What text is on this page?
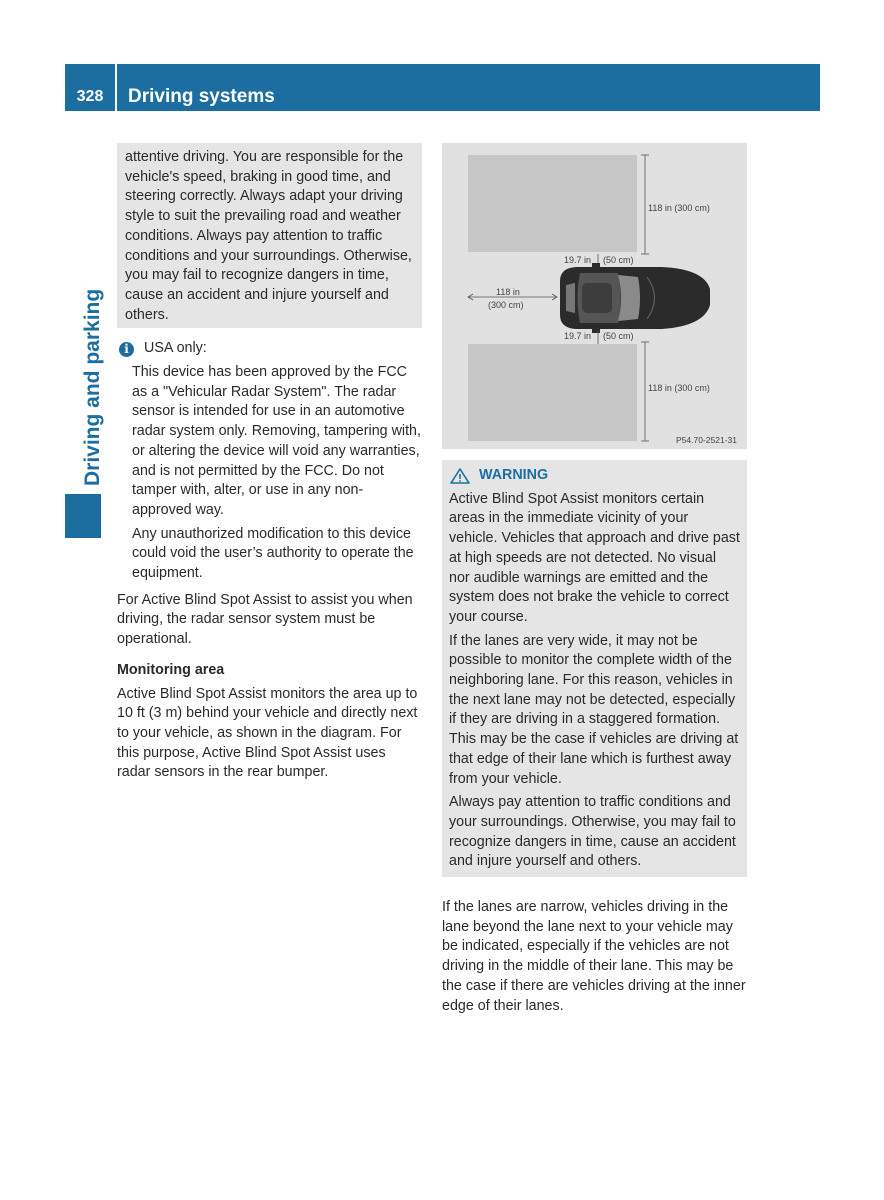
328	Driving systems
Driving and parking

attentive driving. You are responsible for the vehicle's speed, braking in good time, and steering correctly. Always adapt your driving style to suit the prevailing road and weather conditions. Always pay attention to traffic conditions and your surroundings. Otherwise, you may fail to recognize dangers in time, cause an accident and injure yourself and others.

i	USA only:

This device has been approved by the FCC as a "Vehicular Radar System". The radar sensor is intended for use in an automotive radar system only. Removing, tampering with, or altering the device will void any warranties, and is not permitted by the FCC. Do not tamper with, alter, or use in any non-approved way.

Any unauthorized modification to this device could void the user’s authority to operate the equipment.

For Active Blind Spot Assist to assist you when driving, the radar sensor system must be operational.

Monitoring area

Active Blind Spot Assist monitors the area up to 10 ft (3 m) behind your vehicle and directly next to your vehicle, as shown in the diagram. For this purpose, Active Blind Spot Assist uses radar sensors in the rear bumper.

118 in (300 cm)
19.7 in (50 cm)
118 in
(300 cm)
19.7 in (50 cm)
118 in (300 cm)
P54.70-2521-31
WARNING

Active Blind Spot Assist monitors certain areas in the immediate vicinity of your vehicle. Vehicles that approach and drive past at high speeds are not detected. No visual nor audible warnings are emitted and the system does not brake the vehicle to correct your course.

If the lanes are very wide, it may not be possible to monitor the complete width of the neighboring lane. For this reason, vehicles in the next lane may not be detected, especially if they are driving in a staggered formation. This may be the case if vehicles are driving at that edge of their lane which is furthest away from your vehicle.

Always pay attention to traffic conditions and your surroundings. Otherwise, you may fail to recognize dangers in time, cause an accident and injure yourself and others.

If the lanes are narrow, vehicles driving in the lane beyond the lane next to your vehicle may be indicated, especially if the vehicles are not driving in the middle of their lane. This may be the case if there are vehicles driving at the inner edge of their lanes.
